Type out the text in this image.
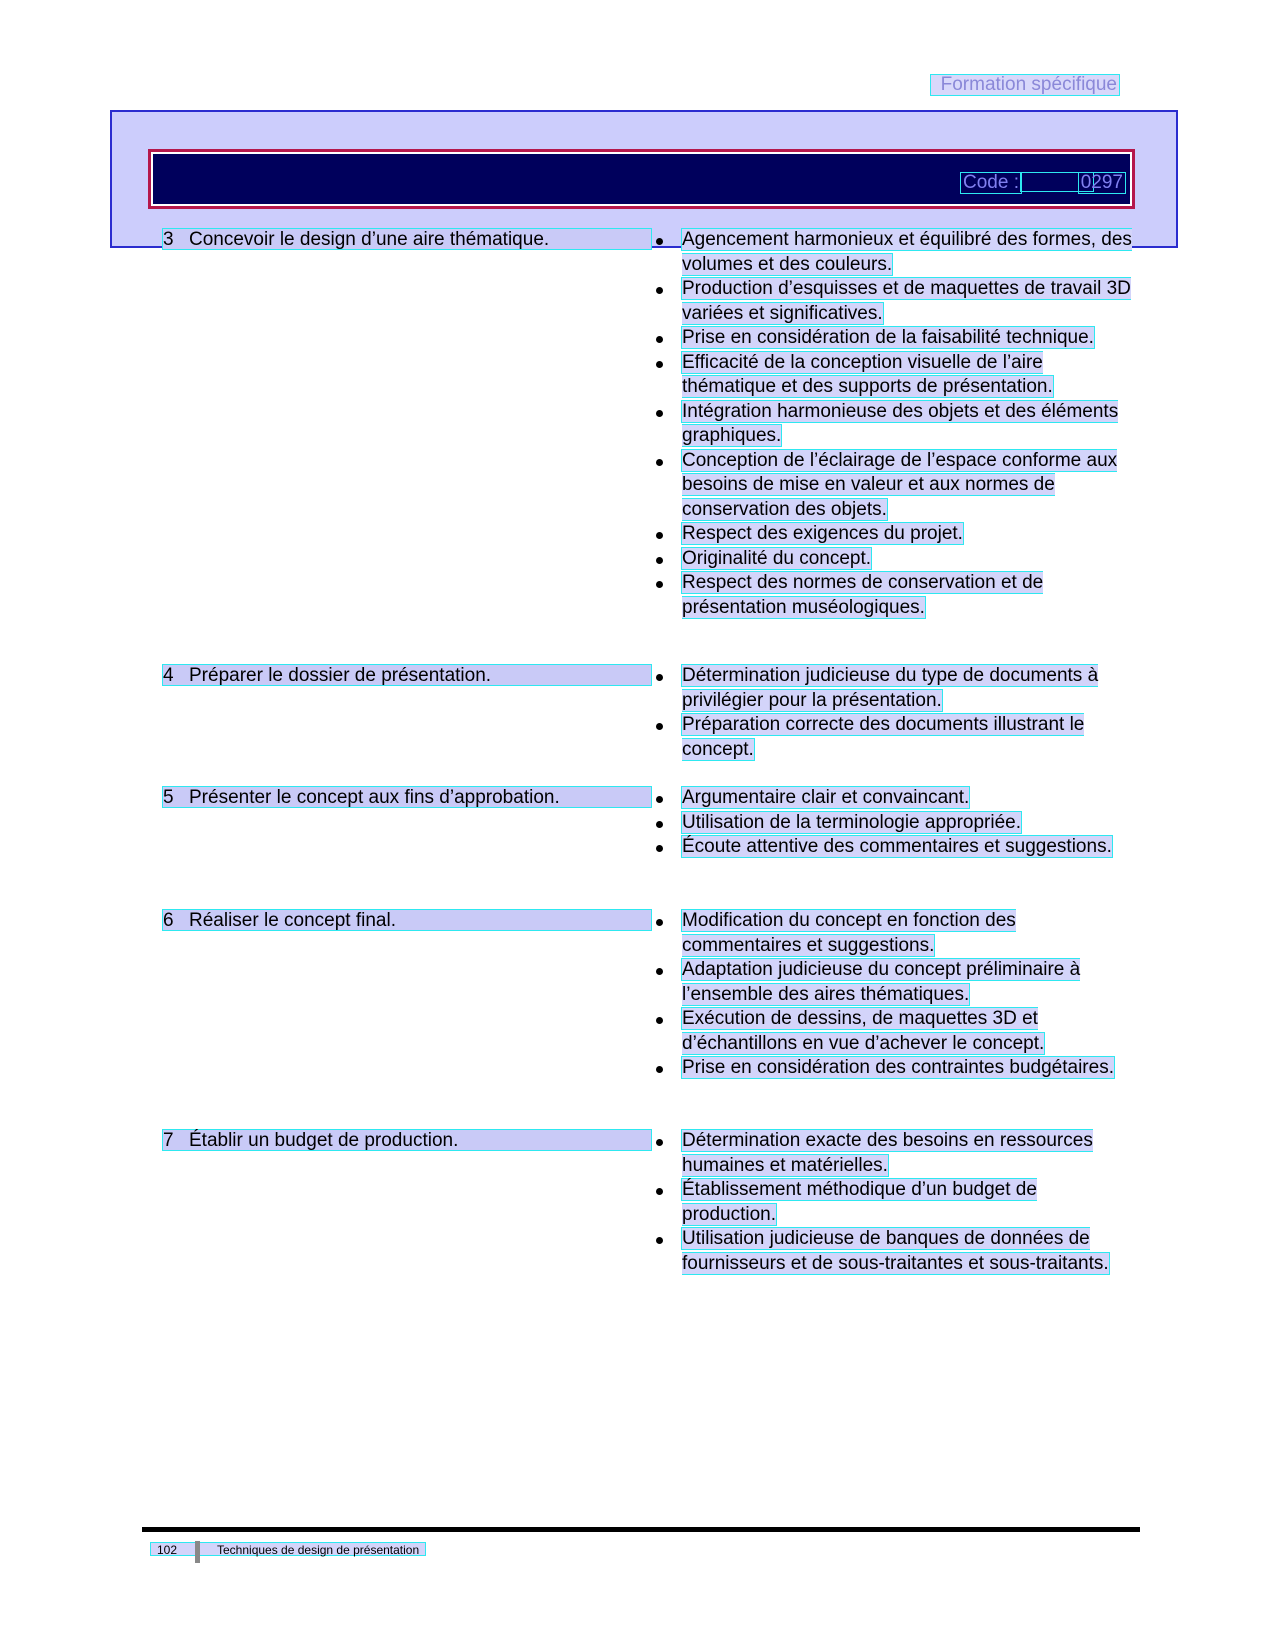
Formation spécifique
Code :	0297
3 Concevoir le design d’une aire thématique.	Agencement harmonieux et équilibré des formes, des volumes et des couleurs.
Production d’esquisses et de maquettes de travail 3D variées et significatives.
Prise en considération de la faisabilité technique.
Efficacité de la conception visuelle de l’aire thématique et des supports de présentation.
Intégration harmonieuse des objets et des éléments graphiques.
Conception de l’éclairage de l’espace conforme aux besoins de mise en valeur et aux normes de conservation des objets.
Respect des exigences du projet.
Originalité du concept.
Respect des normes de conservation et de présentation muséologiques.
4 Préparer le dossier de présentation.	Détermination judicieuse du type de documents à privilégier pour la présentation.
Préparation correcte des documents illustrant le concept.
5 Présenter le concept aux fins d’approbation.	Argumentaire clair et convaincant.
Utilisation de la terminologie appropriée.
Écoute attentive des commentaires et suggestions.
6 Réaliser le concept final.	Modification du concept en fonction des commentaires et suggestions.
Adaptation judicieuse du concept préliminaire à l’ensemble des aires thématiques.
Exécution de dessins, de maquettes 3D et d’échantillons en vue d’achever le concept.
Prise en considération des contraintes budgétaires.
7 Établir un budget de production.	Détermination exacte des besoins en ressources humaines et matérielles.
Établissement méthodique d’un budget de production.
Utilisation judicieuse de banques de données de fournisseurs et de sous-traitantes et sous-traitants.
102	Techniques de design de présentation
